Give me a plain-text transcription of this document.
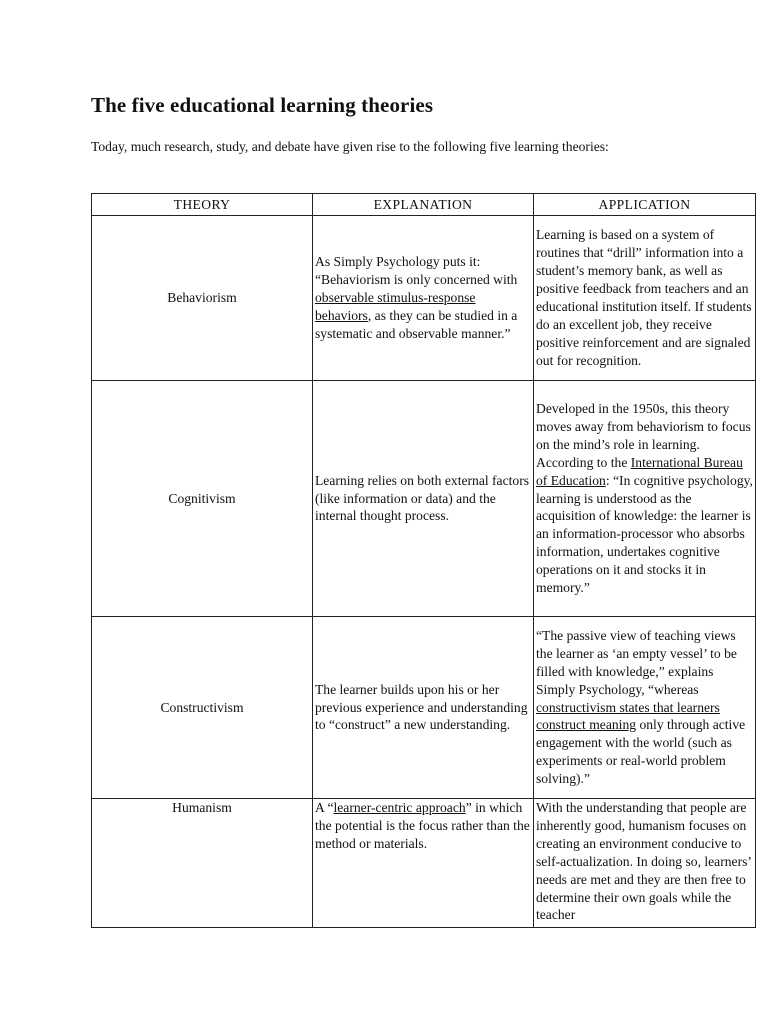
The five educational learning theories

Today, much research, study, and debate have given rise to the following five learning theories:

THEORY	EXPLANATION	APPLICATION
Behaviorism	As Simply Psychology puts it: “Behaviorism is only concerned with observable stimulus-response behaviors, as they can be studied in a systematic and observable manner.”	Learning is based on a system of routines that “drill” information into a student’s memory bank, as well as positive feedback from teachers and an educational institution itself. If students do an excellent job, they receive positive reinforcement and are signaled out for recognition.
Cognitivism	Learning relies on both external factors (like information or data) and the internal thought process.	Developed in the 1950s, this theory moves away from behaviorism to focus on the mind’s role in learning. According to the International Bureau of Education: “In cognitive psychology, learning is understood as the acquisition of knowledge: the learner is an information-processor who absorbs information, undertakes cognitive operations on it and stocks it in memory.”
Constructivism	The learner builds upon his or her previous experience and understanding to “construct” a new understanding.	“The passive view of teaching views the learner as ‘an empty vessel’ to be filled with knowledge,” explains Simply Psychology, “whereas constructivism states that learners construct meaning only through active engagement with the world (such as experiments or real-world problem solving).”
Humanism	A “learner-centric approach” in which the potential is the focus rather than the method or materials.	With the understanding that people are inherently good, humanism focuses on creating an environment conducive to self-actualization. In doing so, learners’ needs are met and they are then free to determine their own goals while the teacher
